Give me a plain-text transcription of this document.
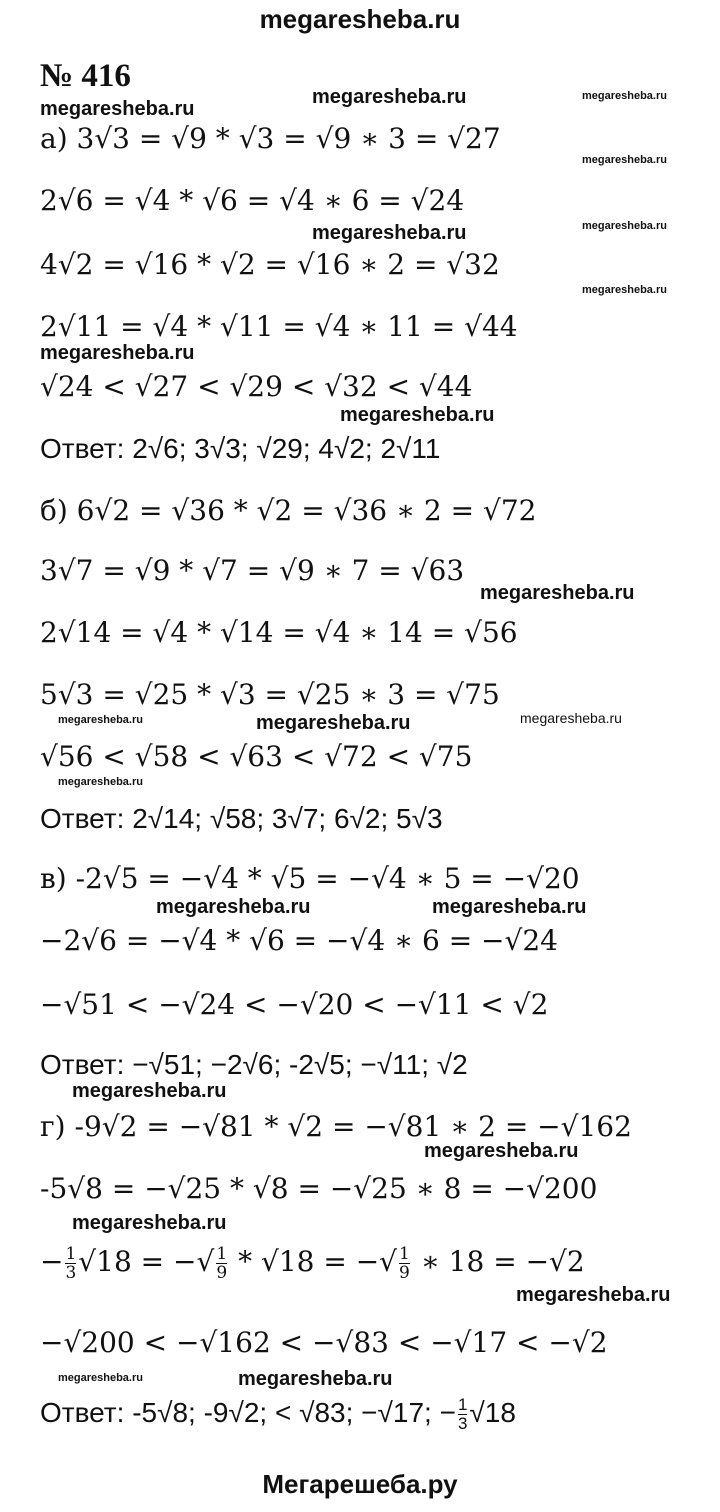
megaresheba.ru
№ 416
а) 3√3 = √9 * √3 = √9 ∗ 3 = √27
2√6 = √4 * √6 = √4 ∗ 6 = √24
4√2 = √16 * √2 = √16 ∗ 2 = √32
2√11 = √4 * √11 = √4 ∗ 11 = √44
√24 < √27 < √29 < √32 < √44
Ответ: 2√6; 3√3; √29; 4√2; 2√11
б) 6√2 = √36 * √2 = √36 ∗ 2 = √72
3√7 = √9 * √7 = √9 ∗ 7 = √63
2√14 = √4 * √14 = √4 ∗ 14 = √56
5√3 = √25 * √3 = √25 ∗ 3 = √75
√56 < √58 < √63 < √72 < √75
Ответ: 2√14; √58; 3√7; 6√2; 5√3
в) -2√5 = −√4 * √5 = −√4 ∗ 5 = −√20
−2√6 = −√4 * √6 = −√4 ∗ 6 = −√24
−√51 < −√24 < −√20 < −√11 < √2
Ответ: −√51; −2√6; -2√5; −√11; √2
г) -9√2 = −√81 * √2 = −√81 ∗ 2 = −√162
-5√8 = −√25 * √8 = −√25 ∗ 8 = −√200
− $\frac{1}{3} √18$ = −√ $\frac{1}{9} * √18$ = −√ $\frac{1}{9}$ ∗ 18 = −√2
−√200 < −√162 < −√83 < −√17 < −√2
Ответ: -5√8; -9√2; < √83; −√17; − $\frac{1}{3} √18$
megaresheba.ru
megaresheba.ru	megaresheba.ru
megaresheba.ru
megaresheba.ru	megaresheba.ru
megaresheba.ru
megaresheba.ru
megaresheba.ru
megaresheba.ru
megaresheba.ru
megaresheba.ru	megaresheba.ru
megaresheba.ru
megaresheba.ru	megaresheba.ru
megaresheba.ru
megaresheba.ru
megaresheba.ru
megaresheba.ru
megaresheba.ru	megaresheba.ru
Мегарешеба.ру
